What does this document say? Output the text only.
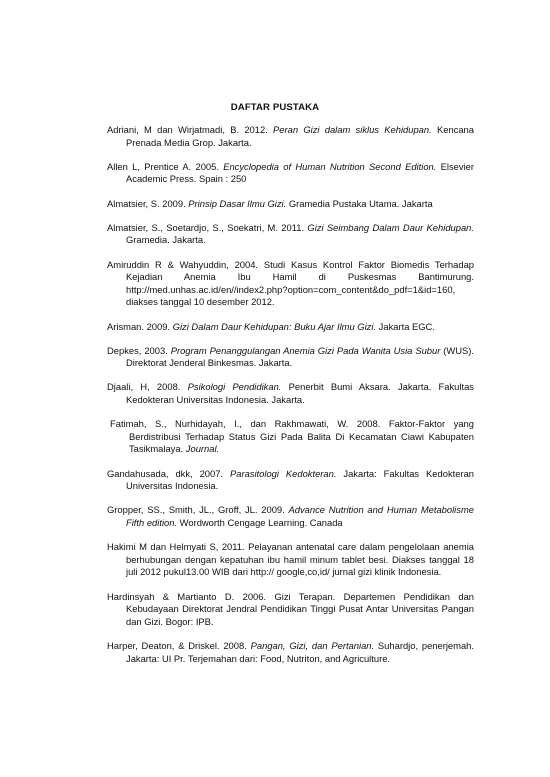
DAFTAR PUSTAKA

Adriani, M dan Wirjatmadi, B. 2012. Peran Gizi dalam siklus Kehidupan. Kencana Prenada Media Grop. Jakarta.

Allen L, Prentice A. 2005. Encyclopedia of Human Nutrition Second Edition. Elsevier Academic Press. Spain : 250

Almatsier, S. 2009. Prinsip Dasar Ilmu Gizi. Gramedia Pustaka Utama. Jakarta

Almatsier, S., Soetardjo, S., Soekatri, M. 2011. Gizi Seimbang Dalam Daur Kehidupan. Gramedia. Jakarta.

Amiruddin R & Wahyuddin, 2004. Studi Kasus Kontrol Faktor Biomedis Terhadap Kejadian Anemia Ibu Hamil di Puskesmas Bantimurung. http://med.unhas.ac.id/en//index2.php?option=com_content&do_pdf=1&id=160, diakses tanggal 10 desember 2012.

Arisman. 2009. Gizi Dalam Daur Kehidupan: Buku Ajar Ilmu Gizi. Jakarta EGC.

Depkes, 2003. Program Penanggulangan Anemia Gizi Pada Wanita Usia Subur (WUS). Direktorat Jenderal Binkesmas. Jakarta.

Djaali, H, 2008. Psikologi Pendidikan. Penerbit Bumi Aksara. Jakarta. Fakultas Kedokteran Universitas Indonesia. Jakarta.

Fatimah, S., Nurhidayah, I., dan Rakhmawati, W. 2008. Faktor-Faktor yang Berdistribusi Terhadap Status Gizi Pada Balita Di Kecamatan Ciawi Kabupaten Tasikmalaya. Journal.

Gandahusada, dkk, 2007. Parasitologi Kedokteran. Jakarta: Fakultas Kedokteran Universitas Indonesia.

Gropper, SS., Smith, JL., Groff, JL. 2009. Advance Nutrition and Human Metabolisme Fifth edition. Wordworth Cengage Learning. Canada

Hakimi M dan Helmyati S, 2011. Pelayanan antenatal care dalam pengelolaan anemia berhubungan dengan kepatuhan ibu hamil minum tablet besi. Diakses tanggal 18 juli 2012 pukul13.00 WIB dari http:// google,co,id/ jurnal gizi klinik Indonesia.

Hardinsyah & Martianto D. 2006. Gizi Terapan. Departemen Pendidikan dan Kebudayaan Direktorat Jendral Pendidikan Tinggi Pusat Antar Universitas Pangan dan Gizi. Bogor: IPB.

Harper, Deaton, & Driskel. 2008. Pangan, Gizi, dan Pertanian. Suhardjo, penerjemah. Jakarta: UI Pr. Terjemahan dari: Food, Nutriton, and Agriculture.
